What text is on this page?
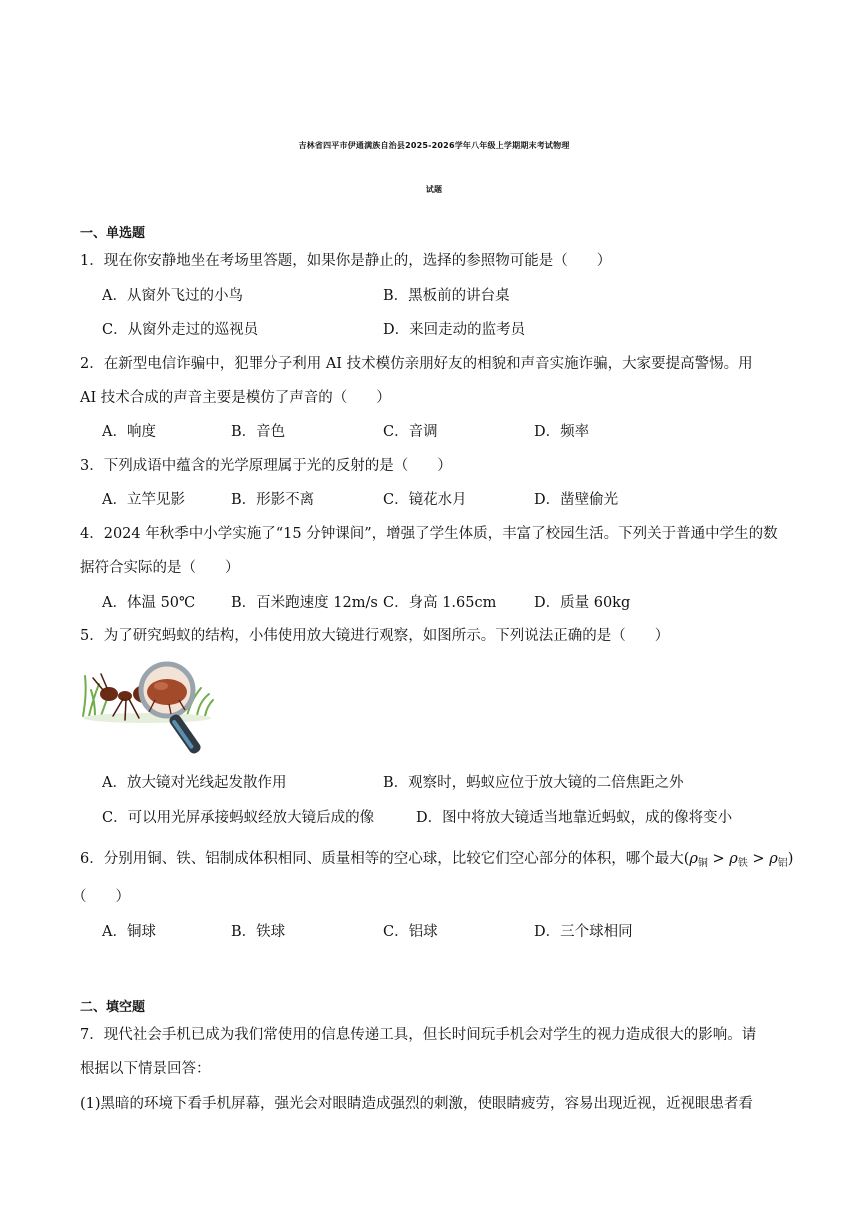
吉林省四平市伊通满族自治县2025-2026学年八年级上学期期末考试物理
试题
一、单选题
1．现在你安静地坐在考场里答题，如果你是静止的，选择的参照物可能是（　　）
A．从窗外飞过的小鸟	B．黑板前的讲台桌
C．从窗外走过的巡视员	D．来回走动的监考员
2．在新型电信诈骗中，犯罪分子利用 AI 技术模仿亲朋好友的相貌和声音实施诈骗，大家要提高警惕。用
AI 技术合成的声音主要是模仿了声音的（　　）
A．响度	B．音色	C．音调	D．频率
3．下列成语中蕴含的光学原理属于光的反射的是（　　）
A．立竿见影	B．形影不离	C．镜花水月	D．凿壁偷光
4．2024 年秋季中小学实施了“15 分钟课间”，增强了学生体质，丰富了校园生活。下列关于普通中学生的数
据符合实际的是（　　）
A．体温 50℃ B．百米跑速度 12m/s C．身高 1.65cm	D．质量 60kg
5．为了研究蚂蚁的结构，小伟使用放大镜进行观察，如图所示。下列说法正确的是（　　）
A．放大镜对光线起发散作用	B．观察时，蚂蚁应位于放大镜的二倍焦距之外
C．可以用光屏承接蚂蚁经放大镜后成的像	D．图中将放大镜适当地靠近蚂蚁，成的像将变小
6．分别用铜、铁、铝制成体积相同、质量相等的空心球，比较它们空心部分的体积，哪个最大$(\rho_铜 > \rho_铁 > \rho_铝)$
（　　）
A．铜球	B．铁球	C．铝球	D．三个球相同
二、填空题
7．现代社会手机已成为我们常使用的信息传递工具，但长时间玩手机会对学生的视力造成很大的影响。请
根据以下情景回答：
(1)黑暗的环境下看手机屏幕，强光会对眼睛造成强烈的刺激，使眼睛疲劳，容易出现近视，近视眼患者看
